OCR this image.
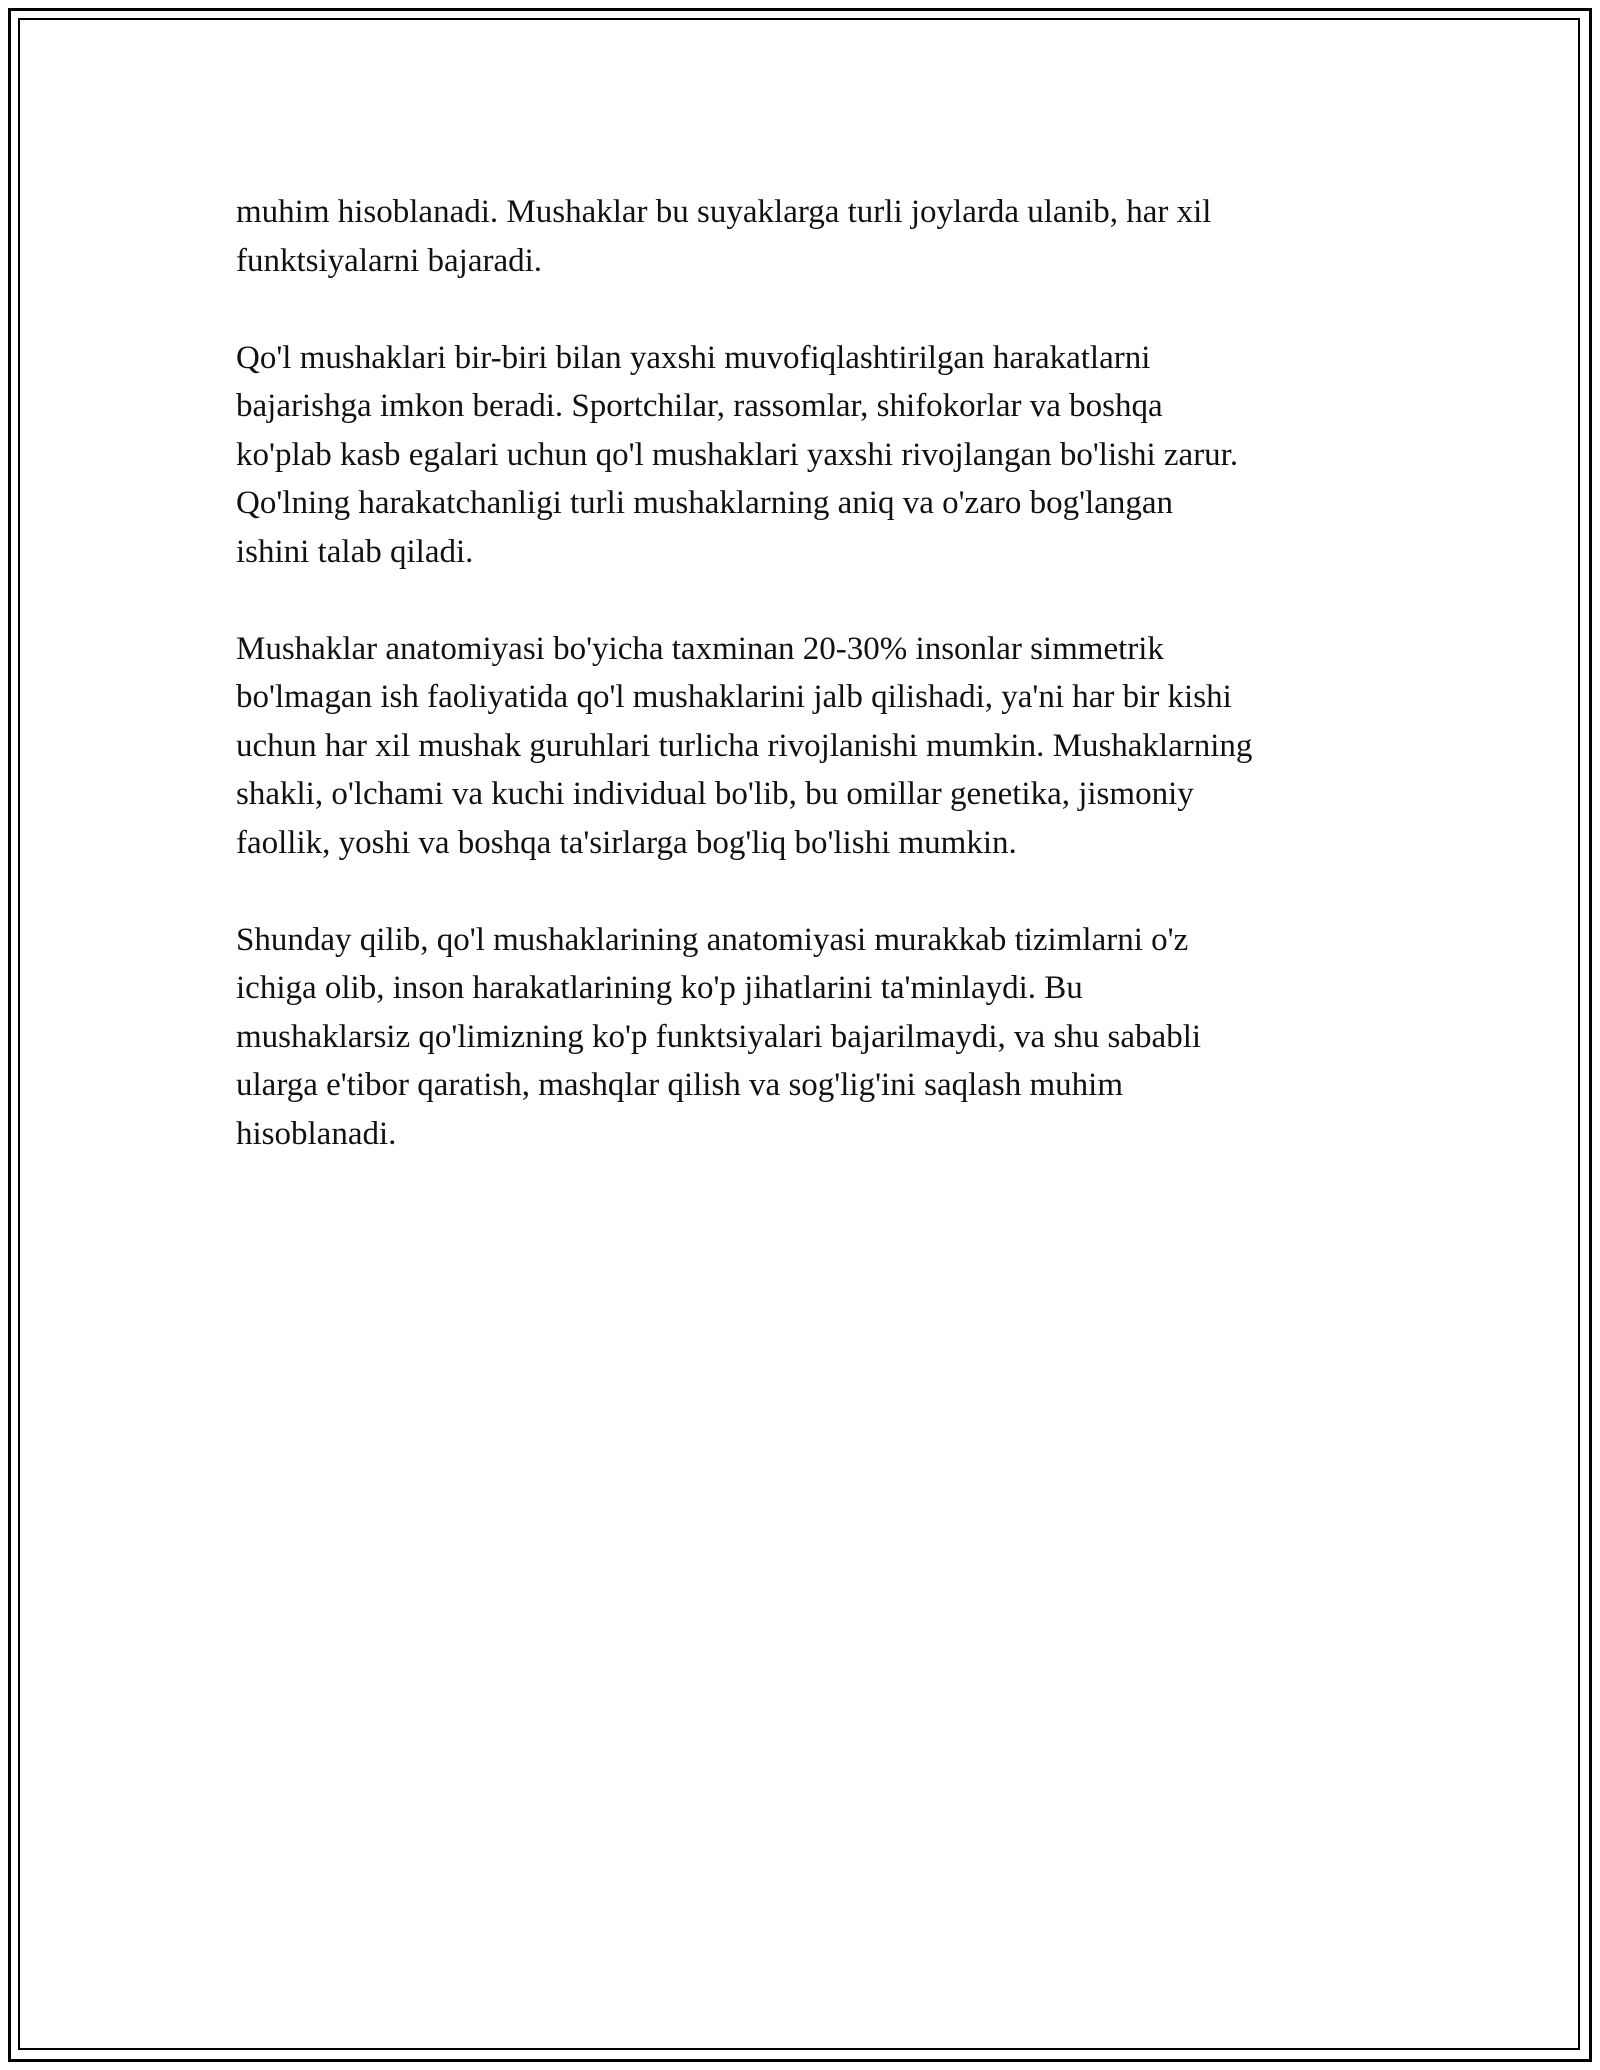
muhim hisoblanadi. Mushaklar bu suyaklarga turli joylarda ulanib, har xil
funktsiyalarni bajaradi.

Qo'l mushaklari bir-biri bilan yaxshi muvofiqlashtirilgan harakatlarni
bajarishga imkon beradi. Sportchilar, rassomlar, shifokorlar va boshqa
ko'plab kasb egalari uchun qo'l mushaklari yaxshi rivojlangan bo'lishi zarur.
Qo'lning harakatchanligi turli mushaklarning aniq va o'zaro bog'langan
ishini talab qiladi.

Mushaklar anatomiyasi bo'yicha taxminan 20-30% insonlar simmetrik
bo'lmagan ish faoliyatida qo'l mushaklarini jalb qilishadi, ya'ni har bir kishi
uchun har xil mushak guruhlari turlicha rivojlanishi mumkin. Mushaklarning
shakli, o'lchami va kuchi individual bo'lib, bu omillar genetika, jismoniy
faollik, yoshi va boshqa ta'sirlarga bog'liq bo'lishi mumkin.

Shunday qilib, qo'l mushaklarining anatomiyasi murakkab tizimlarni o'z
ichiga olib, inson harakatlarining ko'p jihatlarini ta'minlaydi. Bu
mushaklarsiz qo'limizning ko'p funktsiyalari bajarilmaydi, va shu sababli
ularga e'tibor qaratish, mashqlar qilish va sog'lig'ini saqlash muhim
hisoblanadi.
